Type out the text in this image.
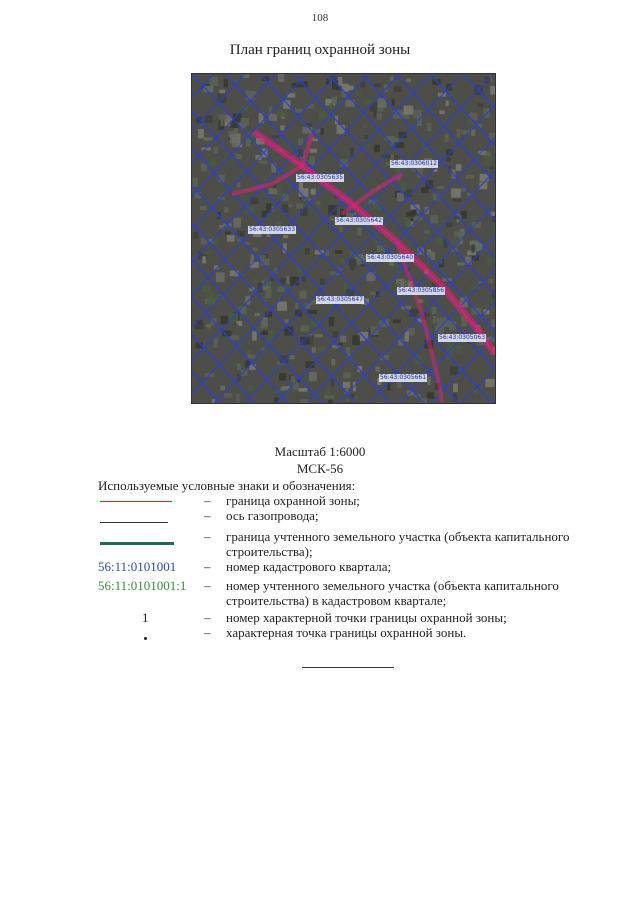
108
План границ охранной зоны
56:43:0305635
56:43:0306012
56:43:0305633
56:43:0305642
56:43:0305640
56:43:0305856
56:43:0305647
56:43:0305063
56:43:0305661
Масштаб 1:6000
МСК-56
Используемые условные знаки и обозначения:
– граница охранной зоны;
– ось газопровода;
– граница учтенного земельного участка (объекта капитального строительства);
56:11:0101001 – номер кадастрового квартала;
56:11:0101001:1 – номер учтенного земельного участка (объекта капитального строительства) в кадастровом квартале;
1	– номер характерной точки границы охранной зоны;
– характерная точка границы охранной зоны.
